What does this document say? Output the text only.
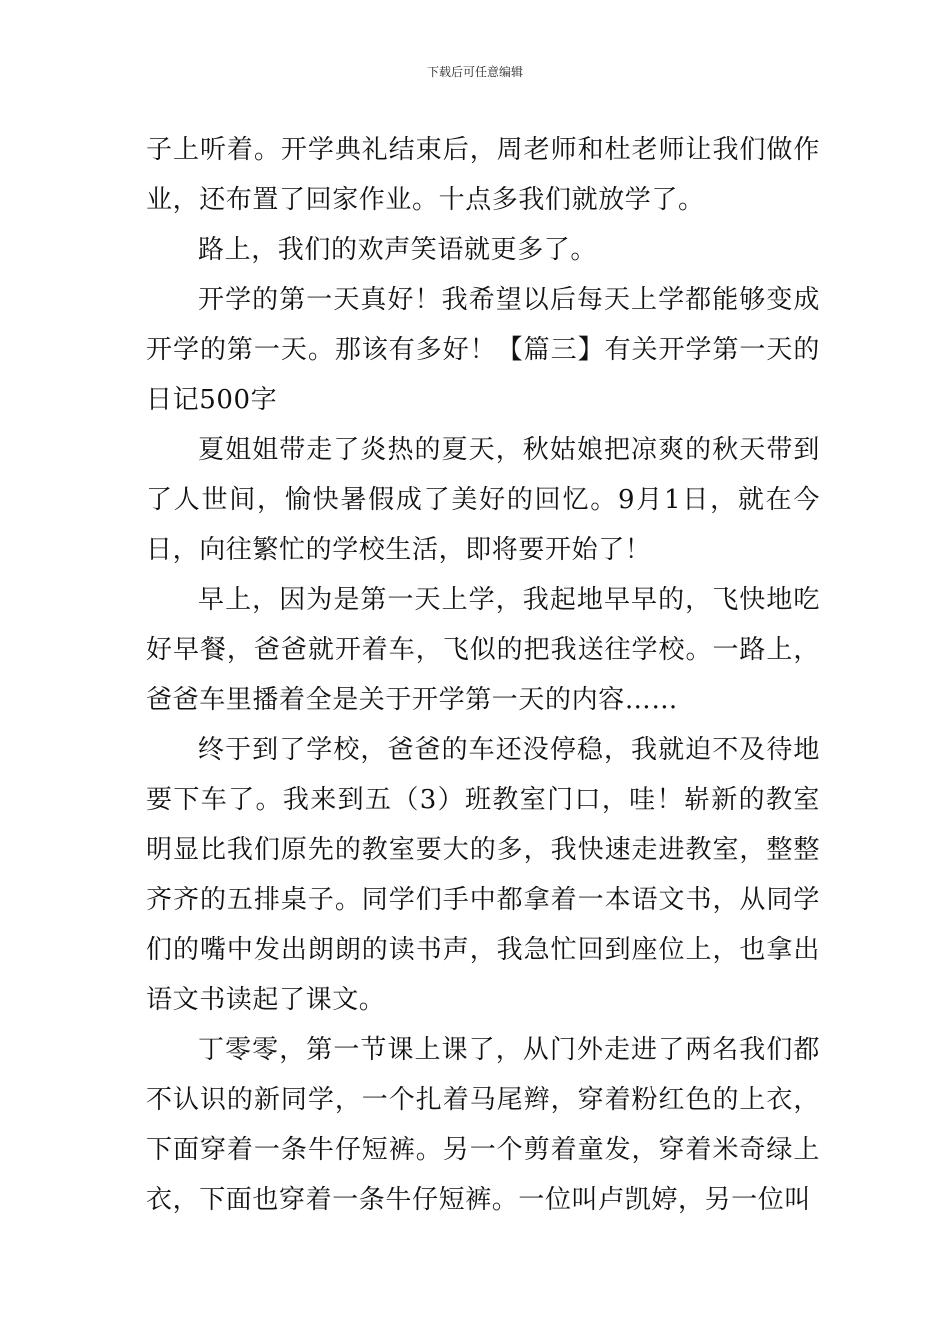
下载后可任意编辑

子上听着。开学典礼结束后，周老师和杜老师让我们做作业，还布置了回家作业。十点多我们就放学了。

路上，我们的欢声笑语就更多了。

开学的第一天真好！我希望以后每天上学都能够变成开学的第一天。那该有多好！【篇三】有关开学第一天的日记500字

夏姐姐带走了炎热的夏天，秋姑娘把凉爽的秋天带到了人世间，愉快暑假成了美好的回忆。9月1日，就在今日，向往繁忙的学校生活，即将要开始了！

早上，因为是第一天上学，我起地早早的，飞快地吃好早餐，爸爸就开着车，飞似的把我送往学校。一路上，爸爸车里播着全是关于开学第一天的内容……

终于到了学校，爸爸的车还没停稳，我就迫不及待地要下车了。我来到五（3）班教室门口，哇！崭新的教室明显比我们原先的教室要大的多，我快速走进教室，整整齐齐的五排桌子。同学们手中都拿着一本语文书，从同学们的嘴中发出朗朗的读书声，我急忙回到座位上，也拿出语文书读起了课文。

丁零零，第一节课上课了，从门外走进了两名我们都不认识的新同学，一个扎着马尾辫，穿着粉红色的上衣，下面穿着一条牛仔短裤。另一个剪着童发，穿着米奇绿上衣，下面也穿着一条牛仔短裤。一位叫卢凯婷，另一位叫
